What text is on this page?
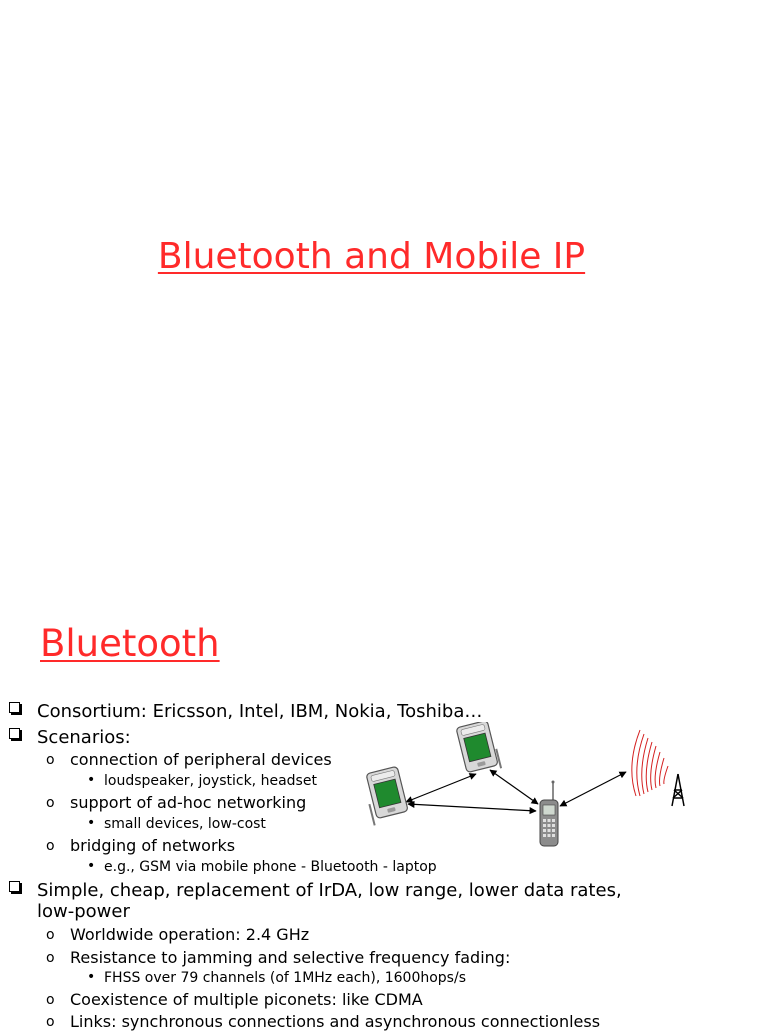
Bluetooth and Mobile IP
Bluetooth
Consortium: Ericsson, Intel, IBM, Nokia, Toshiba…
Scenarios:
o connection of peripheral devices
• loudspeaker, joystick, headset
o support of ad-hoc networking
• small devices, low-cost
o bridging of networks
• e.g., GSM via mobile phone - Bluetooth - laptop
Simple, cheap, replacement of IrDA, low range, lower data rates,
low-power
o Worldwide operation: 2.4 GHz
o Resistance to jamming and selective frequency fading:
• FHSS over 79 channels (of 1MHz each), 1600hops/s
o Coexistence of multiple piconets: like CDMA
o Links: synchronous connections and asynchronous connectionless
